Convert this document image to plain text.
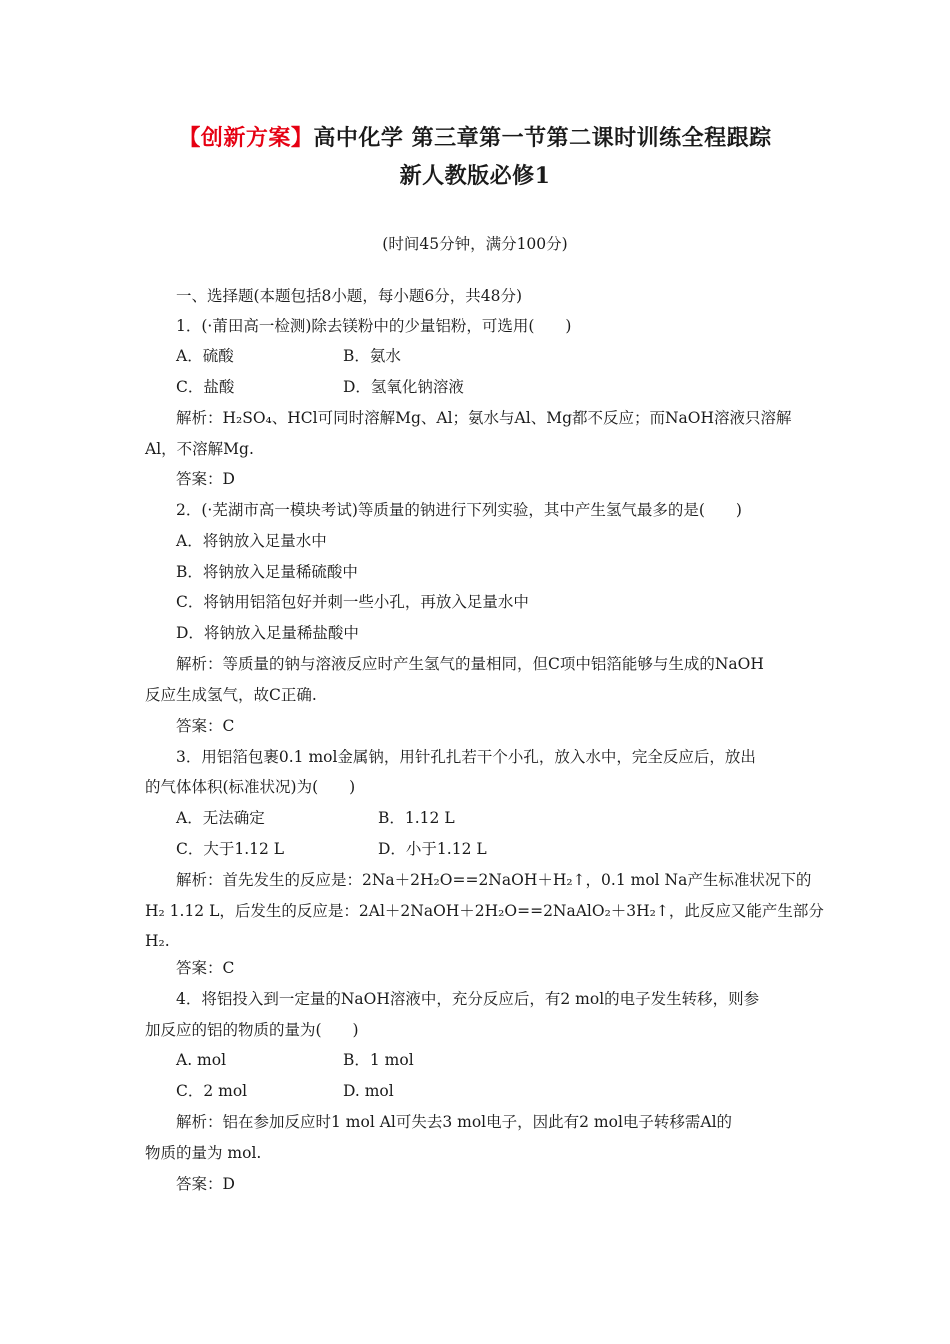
【创新方案】高中化学 第三章第一节第二课时训练全程跟踪
新人教版必修1
(时间45分钟，满分100分)
一、选择题(本题包括8小题，每小题6分，共48分)
1．(·莆田高一检测)除去镁粉中的少量铝粉，可选用(　　)
A．硫酸	B．氨水
C．盐酸	D．氢氧化钠溶液
解析：H₂SO₄、HCl可同时溶解Mg、Al；氨水与Al、Mg都不反应；而NaOH溶液只溶解
Al，不溶解Mg.
答案：D
2．(·芜湖市高一模块考试)等质量的钠进行下列实验，其中产生氢气最多的是(　　)
A．将钠放入足量水中
B．将钠放入足量稀硫酸中
C．将钠用铝箔包好并刺一些小孔，再放入足量水中
D．将钠放入足量稀盐酸中
解析：等质量的钠与溶液反应时产生氢气的量相同，但C项中铝箔能够与生成的NaOH
反应生成氢气，故C正确.
答案：C
3．用铝箔包裹0.1 mol金属钠，用针孔扎若干个小孔，放入水中，完全反应后，放出
的气体体积(标准状况)为(　　)
A．无法确定	B．1.12 L
C．大于1.12 L	D．小于1.12 L
解析：首先发生的反应是：2Na＋2H₂O==2NaOH＋H₂↑，0.1 mol Na产生标准状况下的
H₂ 1.12 L，后发生的反应是：2Al＋2NaOH＋2H₂O==2NaAlO₂＋3H₂↑，此反应又能产生部分
H₂.
答案：C
4．将铝投入到一定量的NaOH溶液中，充分反应后，有2 mol的电子发生转移，则参
加反应的铝的物质的量为(　　)
A. mol	B．1 mol
C．2 mol	D. mol
解析：铝在参加反应时1 mol Al可失去3 mol电子，因此有2 mol电子转移需Al的
物质的量为 mol.
答案：D
